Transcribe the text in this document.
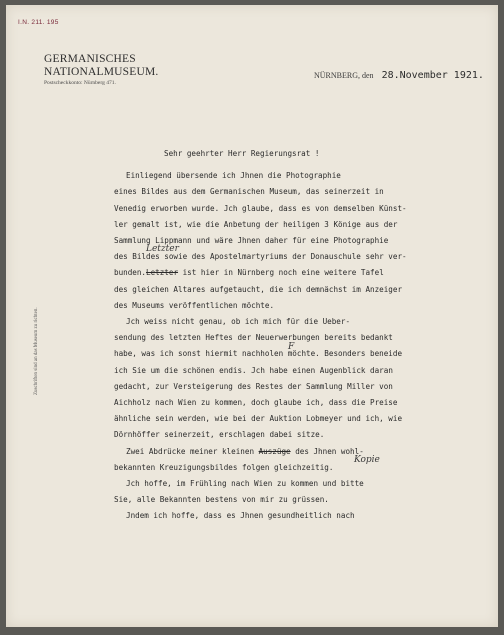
I.N. 211. 195
GERMANISCHES
NATIONALMUSEUM.
Postscheckkonto: Nürnberg 471.
NÜRNBERG, den 28.November 1921.
Zuschriften sind an das Museum zu richten.
Sehr geehrter Herr Regierungsrat !
Einliegend übersende ich Jhnen die Photographie
eines Bildes aus dem Germanischen Museum, das seinerzeit in
Venedig erworben wurde. Jch glaube, dass es von demselben Künst-
ler gemalt ist, wie die Anbetung der heiligen 3 Könige aus der
Sammlung Lippmann und wäre Jhnen daher für eine Photographie
des Bildes sowie des Apostelmartyriums der Donauschule sehr ver-
bunden.Letzter ist hier in Nürnberg noch eine weitere Tafel
des gleichen Altares aufgetaucht, die ich demnächst im Anzeiger
des Museums veröffentlichen möchte.
Jch weiss nicht genau, ob ich mich für die Ueber-
sendung des letzten Heftes der Neuerwerbungen bereits bedankt
habe, was ich sonst hiermit nachholen möchte. Besonders beneide
ich Sie um die schönen endis. Jch habe einen Augenblick daran
gedacht, zur Versteigerung des Restes der Sammlung Miller von
Aichholz nach Wien zu kommen, doch glaube ich, dass die Preise
ähnliche sein werden, wie bei der Auktion Lobmeyer und ich, wie
Dörnhöffer seinerzeit, erschlagen dabei sitze.
Zwei Abdrücke meiner kleinen Auszüge des Jhnen wohl-
bekannten Kreuzigungsbildes folgen gleichzeitig.
Jch hoffe, im Frühling nach Wien zu kommen und bitte
Sie, alle Bekannten bestens von mir zu grüssen.
Jndem ich hoffe, dass es Jhnen gesundheitlich nach
Letzter
F
Kopie
